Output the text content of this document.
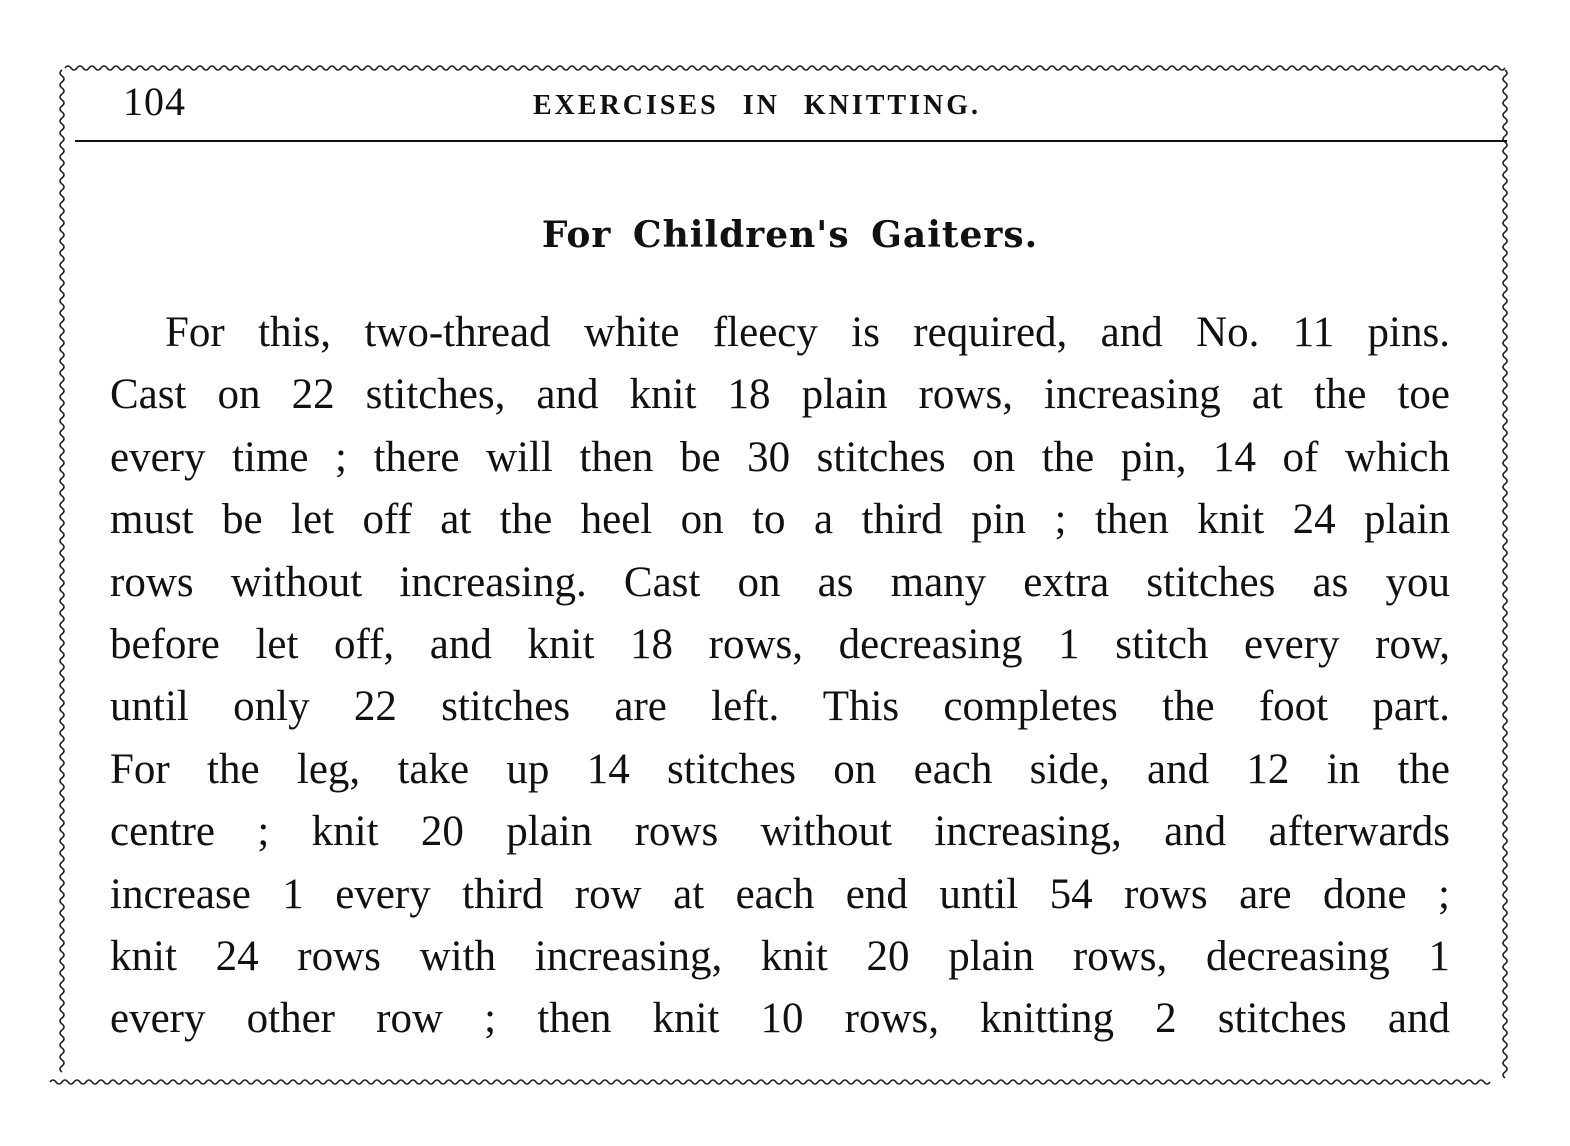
104	EXERCISES IN KNITTING.
For Children's Gaiters.
For this, two-thread white fleecy is required, and No. 11 pins.
Cast on 22 stitches, and knit 18 plain rows, increasing at the toe
every time ; there will then be 30 stitches on the pin, 14 of which
must be let off at the heel on to a third pin ; then knit 24 plain
rows without increasing. Cast on as many extra stitches as you
before let off, and knit 18 rows, decreasing 1 stitch every row,
until only 22 stitches are left. This completes the foot part.
For the leg, take up 14 stitches on each side, and 12 in the
centre ; knit 20 plain rows without increasing, and afterwards
increase 1 every third row at each end until 54 rows are done ;
knit 24 rows with increasing, knit 20 plain rows, decreasing 1
every other row ; then knit 10 rows, knitting 2 stitches and
